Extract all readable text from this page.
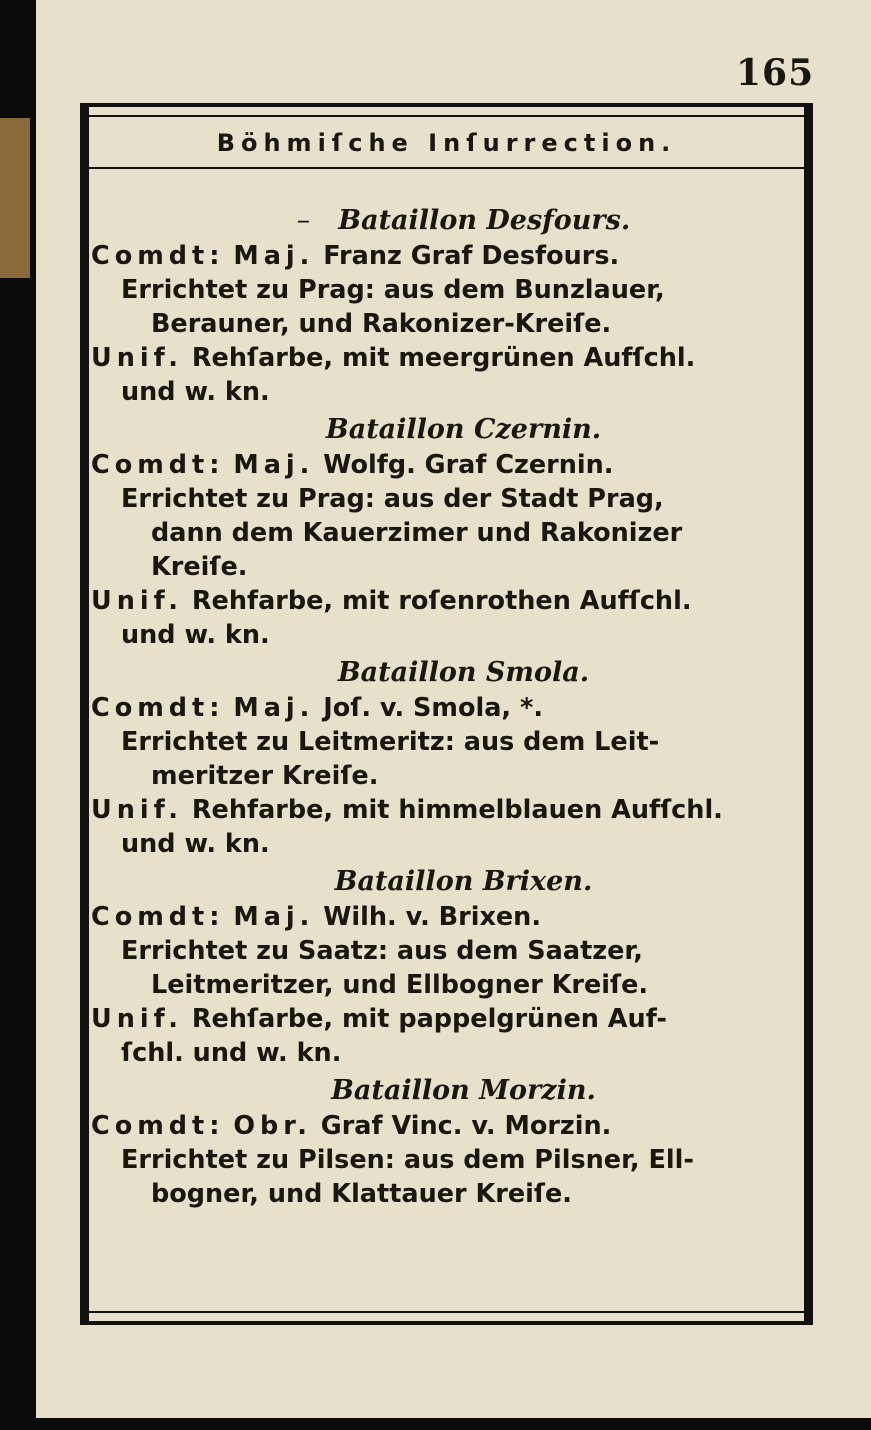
165
Böhmiſche Inſurrection.
– Bataillon Desfours.
Comdt: Maj. Franz Graf Desfours.
Errichtet zu Prag: aus dem Bunzlauer,
Berauner, und Rakonizer-Kreiſe.
Unif. Rehſarbe, mit meergrünen Aufſchl.
und w. kn.
Bataillon Czernin.
Comdt: Maj. Wolfg. Graf Czernin.
Errichtet zu Prag: aus der Stadt Prag,
dann dem Kauerzimer und Rakonizer
Kreiſe.
Unif. Rehfarbe, mit roſenrothen Aufſchl.
und w. kn.
Bataillon Smola.
Comdt: Maj. Joſ. v. Smola, *.
Errichtet zu Leitmeritz: aus dem Leit-
meritzer Kreiſe.
Unif. Rehfarbe, mit himmelblauen Aufſchl.
und w. kn.
Bataillon Brixen.
Comdt: Maj. Wilh. v. Brixen.
Errichtet zu Saatz: aus dem Saatzer,
Leitmeritzer, und Ellbogner Kreiſe.
Unif. Rehſarbe, mit pappelgrünen Auf-
ſchl. und w. kn.
Bataillon Morzin.
Comdt: Obr. Graf Vinc. v. Morzin.
Errichtet zu Pilsen: aus dem Pilsner, Ell-
bogner, und Klattauer Kreiſe.
